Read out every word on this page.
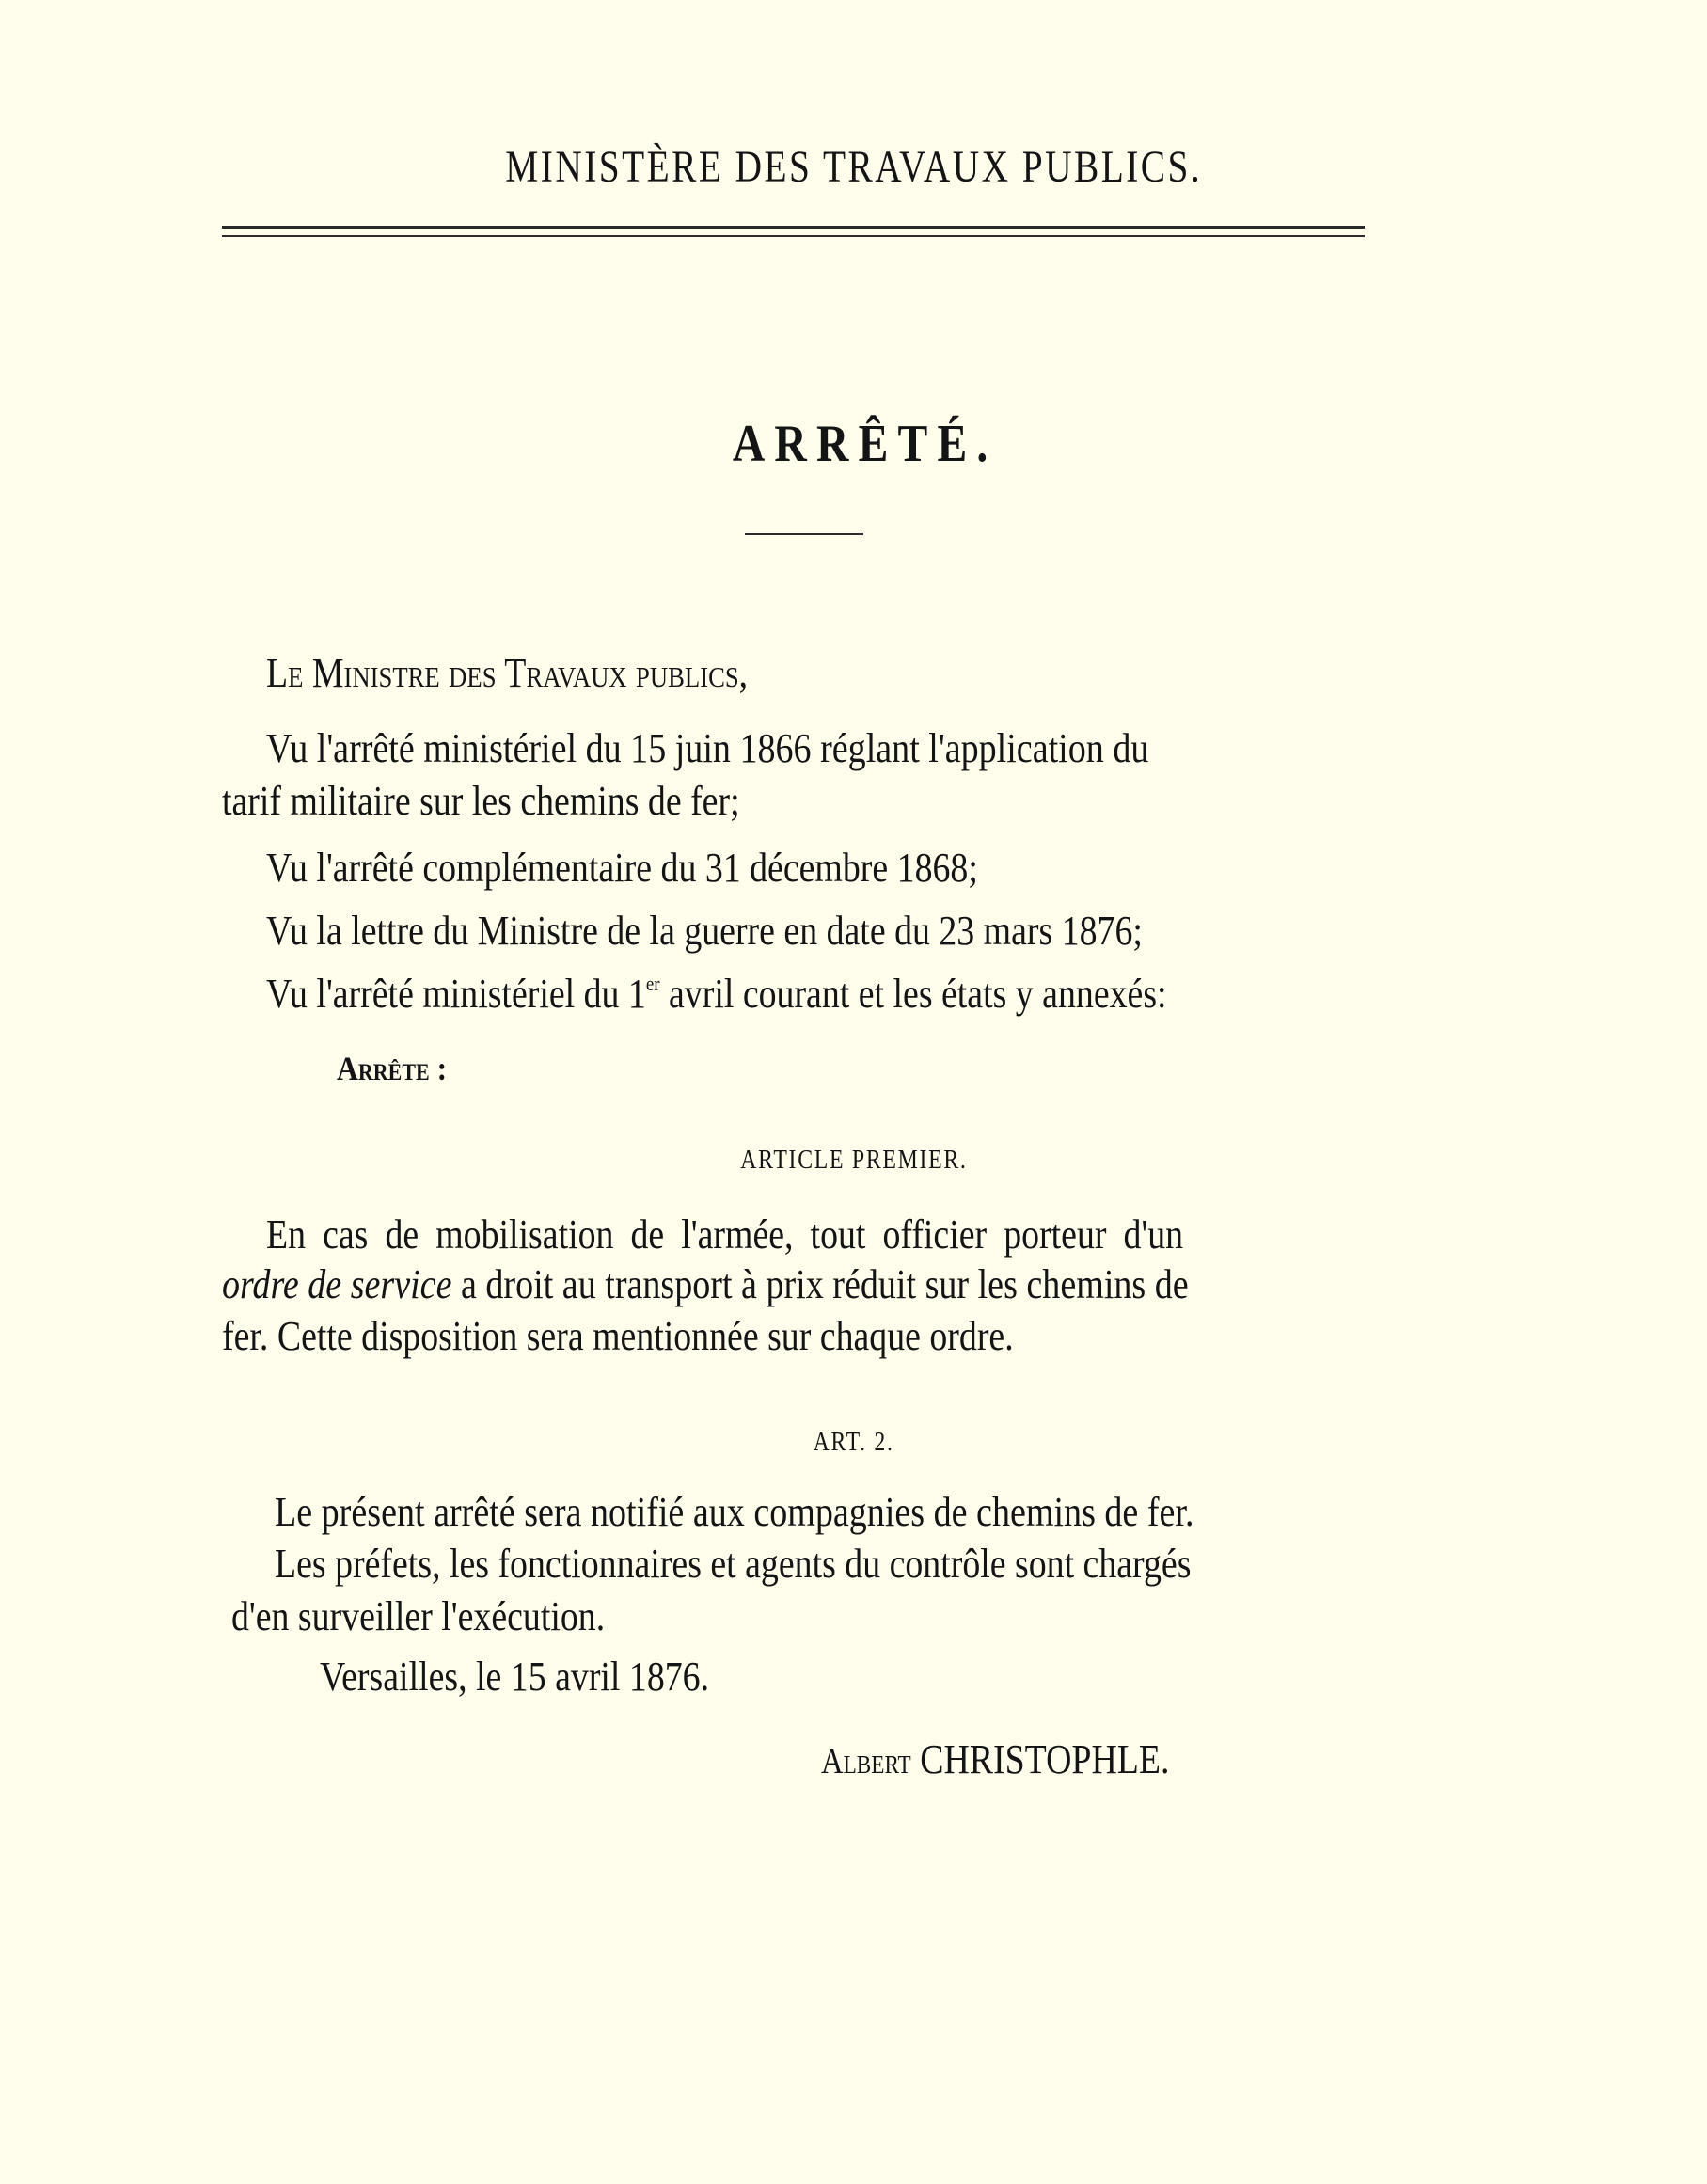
MINISTÈRE DES TRAVAUX PUBLICS.
ARRÊTÉ.
Le Ministre des Travaux publics,
Vu l'arrêté ministériel du 15 juin 1866 réglant l'application du
tarif militaire sur les chemins de fer;
Vu l'arrêté complémentaire du 31 décembre 1868;
Vu la lettre du Ministre de la guerre en date du 23 mars 1876;
Vu l'arrêté ministériel du 1er avril courant et les états y annexés:
Arrête :
ARTICLE PREMIER.
En cas de mobilisation de l'armée, tout officier porteur d'un
ordre de service a droit au transport à prix réduit sur les chemins de
fer. Cette disposition sera mentionnée sur chaque ordre.
ART. 2.
Le présent arrêté sera notifié aux compagnies de chemins de fer.
Les préfets, les fonctionnaires et agents du contrôle sont chargés
d'en surveiller l'exécution.
Versailles, le 15 avril 1876.
Albert CHRISTOPHLE.
